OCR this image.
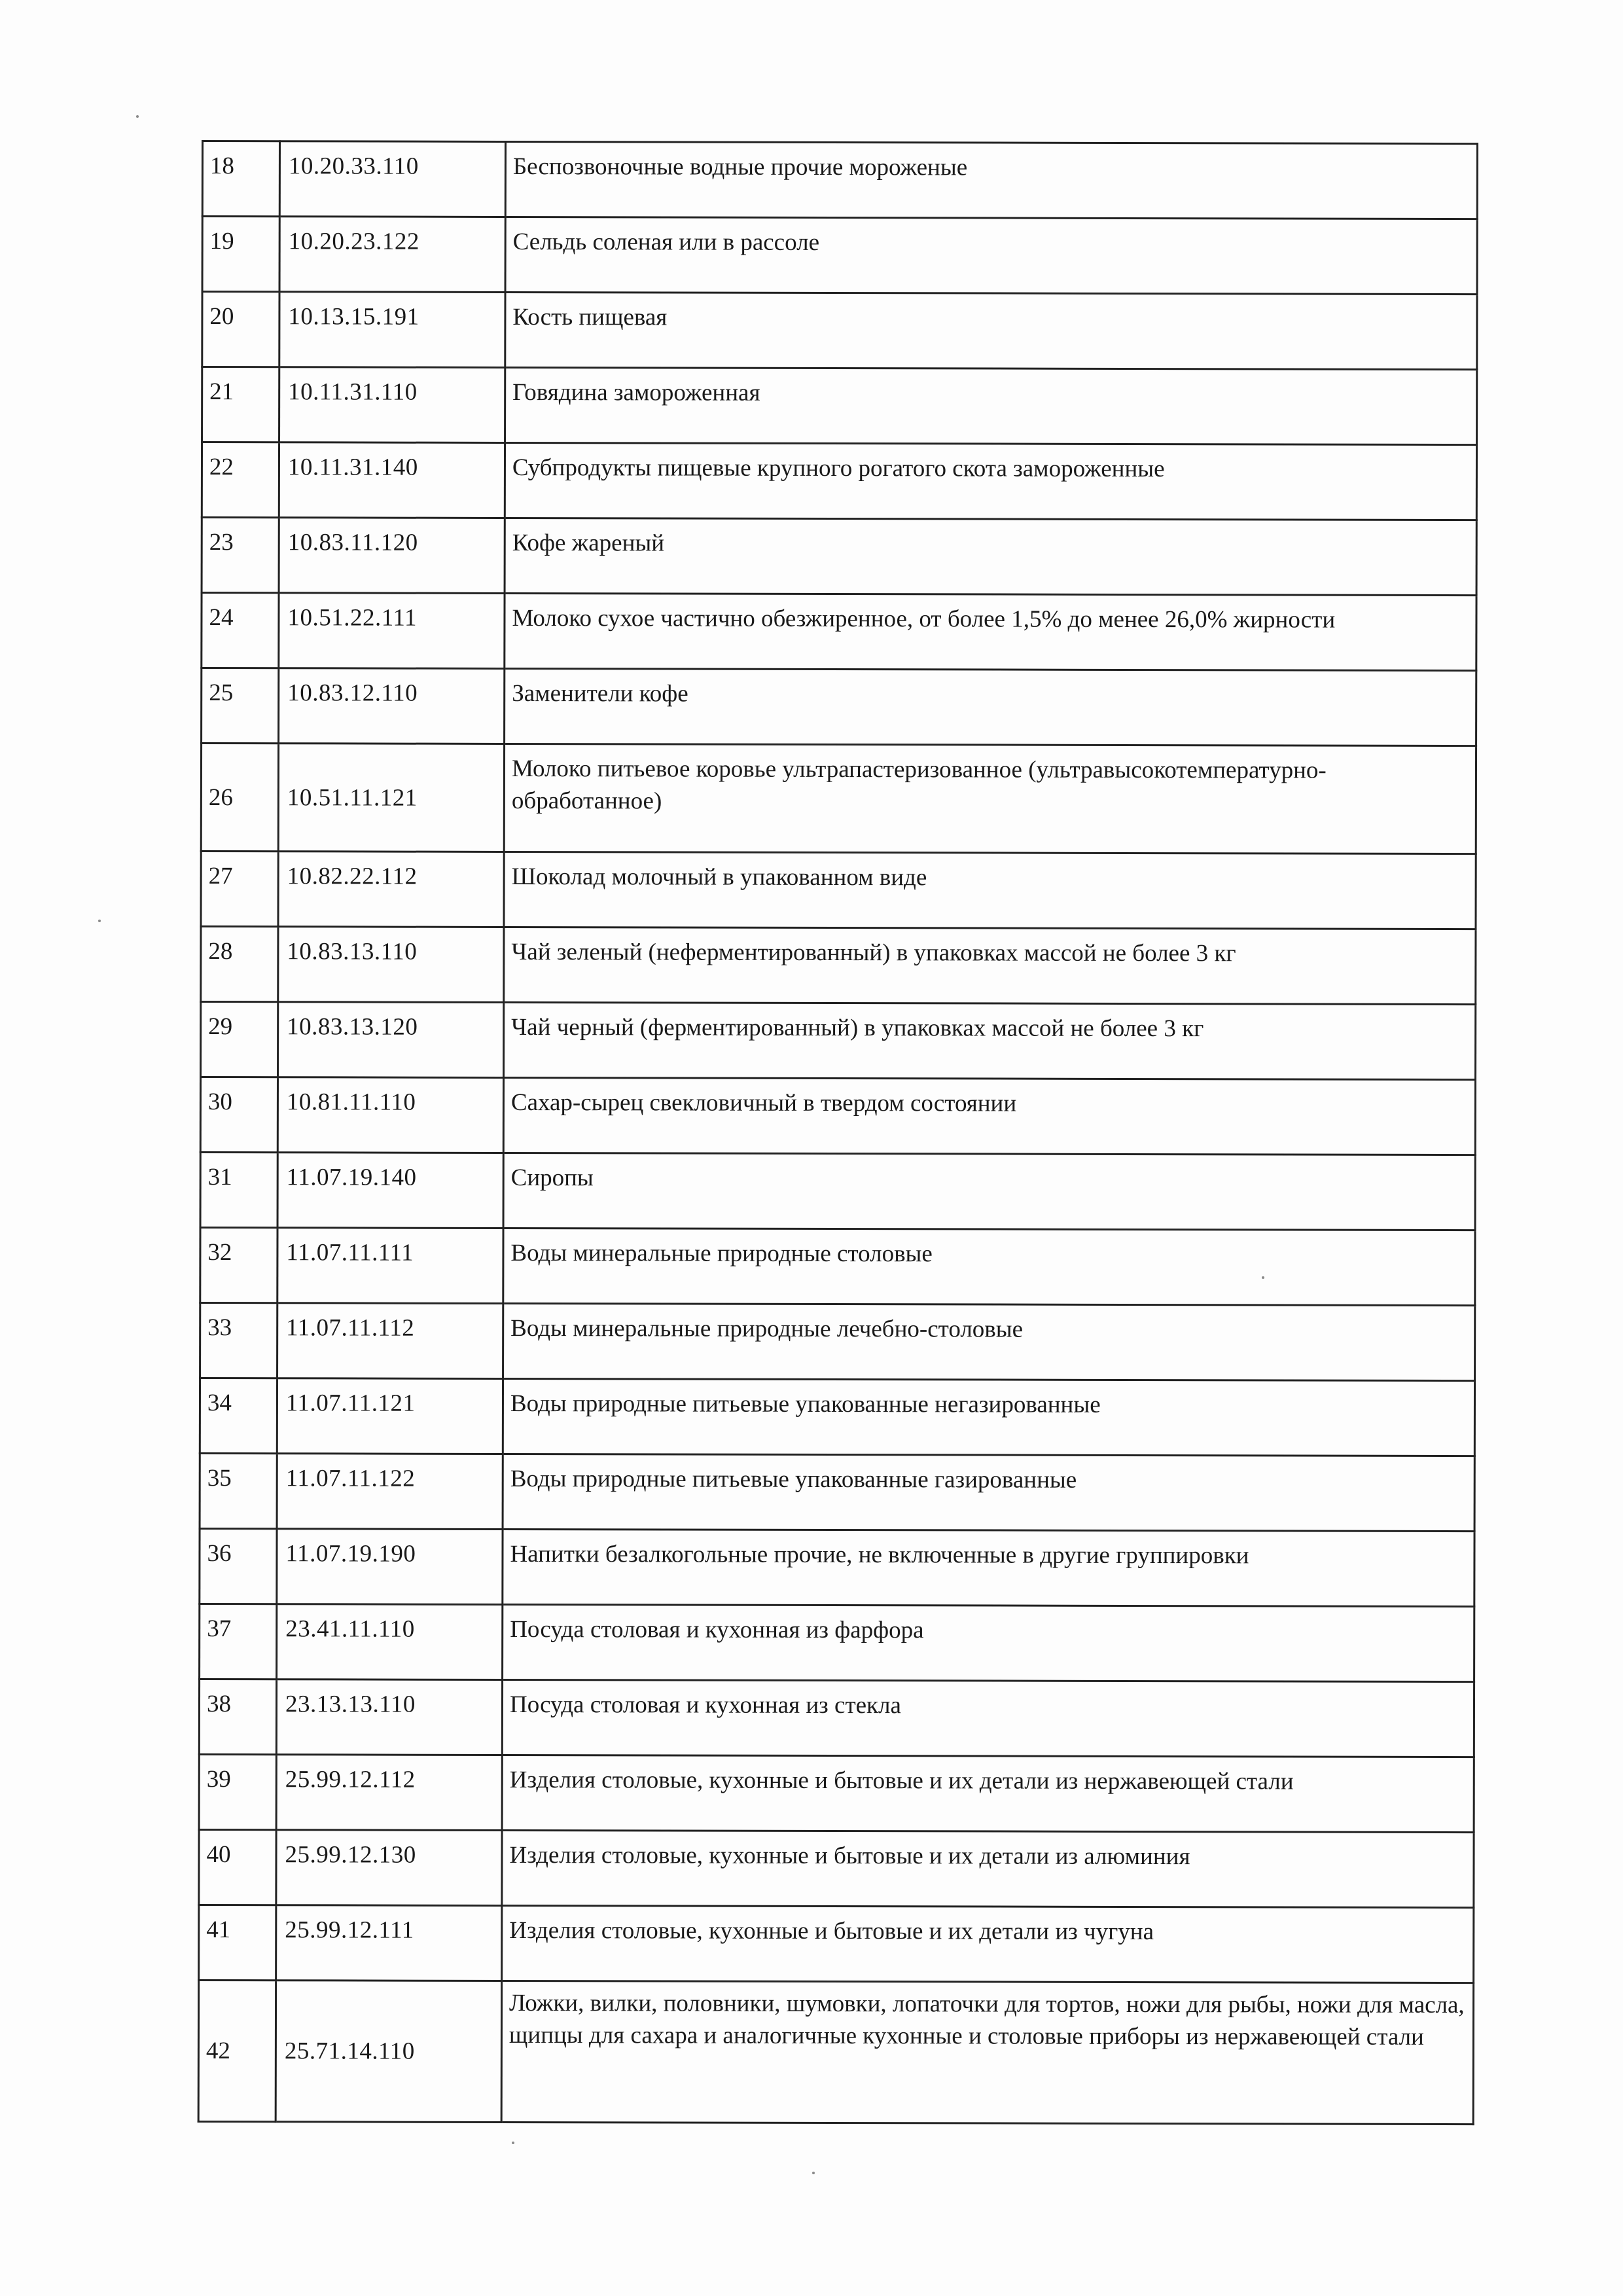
18	10.20.33.110	Беспозвоночные водные прочие мороженые
19	10.20.23.122	Сельдь соленая или в рассоле
20	10.13.15.191	Кость пищевая
21	10.11.31.110	Говядина замороженная
22	10.11.31.140	Субпродукты пищевые крупного рогатого скота замороженные
23	10.83.11.120	Кофе жареный
24	10.51.22.111	Молоко сухое частично обезжиренное, от более 1,5% до менее 26,0% жирности
25	10.83.12.110	Заменители кофе
26	10.51.11.121	Молоко питьевое коровье ультрапастеризованное (ультравысокотемпературно-обработанное)
27	10.82.22.112	Шоколад молочный в упакованном виде
28	10.83.13.110	Чай зеленый (неферментированный) в упаковках массой не более 3 кг
29	10.83.13.120	Чай черный (ферментированный) в упаковках массой не более 3 кг
30	10.81.11.110	Сахар-сырец свекловичный в твердом состоянии
31	11.07.19.140	Сиропы
32	11.07.11.111	Воды минеральные природные столовые
33	11.07.11.112	Воды минеральные природные лечебно-столовые
34	11.07.11.121	Воды природные питьевые упакованные негазированные
35	11.07.11.122	Воды природные питьевые упакованные газированные
36	11.07.19.190	Напитки безалкогольные прочие, не включенные в другие группировки
37	23.41.11.110	Посуда столовая и кухонная из фарфора
38	23.13.13.110	Посуда столовая и кухонная из стекла
39	25.99.12.112	Изделия столовые, кухонные и бытовые и их детали из нержавеющей стали
40	25.99.12.130	Изделия столовые, кухонные и бытовые и их детали из алюминия
41	25.99.12.111	Изделия столовые, кухонные и бытовые и их детали из чугуна
42	25.71.14.110	Ложки, вилки, половники, шумовки, лопаточки для тортов, ножи для рыбы, ножи для масла, щипцы для сахара и аналогичные кухонные и столовые приборы из нержавеющей стали
